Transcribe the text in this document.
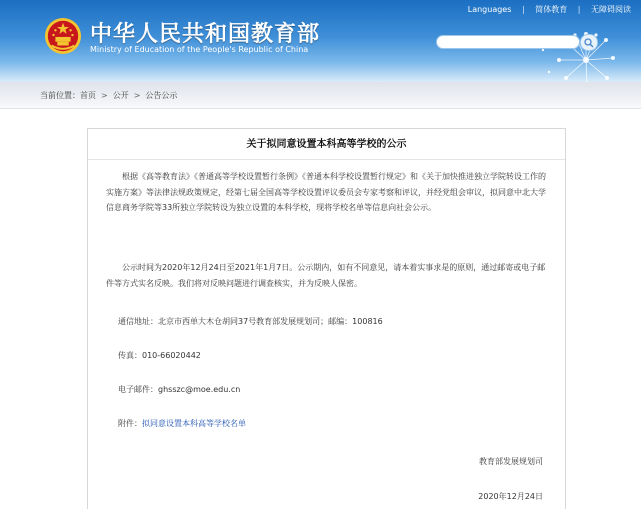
Languages | 简体教育 | 无障碍阅读
中华人民共和国教育部
Ministry of Education of the People's Republic of China
当前位置：首页 > 公开 > 公告公示
关于拟同意设置本科高等学校的公示
根据《高等教育法》《普通高等学校设置暂行条例》《普通本科学校设置暂行规定》和《关于加快推进独立学院转设工作的实施方案》等法律法规政策规定，经第七届全国高等学校设置评议委员会专家考察和评议，并经党组会审议，拟同意中北大学信息商务学院等33所独立学院转设为独立设置的本科学校，现将学校名单等信息向社会公示。
公示时间为2020年12月24日至2021年1月7日。公示期内，如有不同意见，请本着实事求是的原则，通过邮寄或电子邮件等方式实名反映。我们将对反映问题进行调查核实，并为反映人保密。
通信地址：北京市西单大木仓胡同37号教育部发展规划司；邮编：100816
传真：010-66020442
电子邮件：ghsszc@moe.edu.cn
附件：拟同意设置本科高等学校名单
教育部发展规划司
2020年12月24日
